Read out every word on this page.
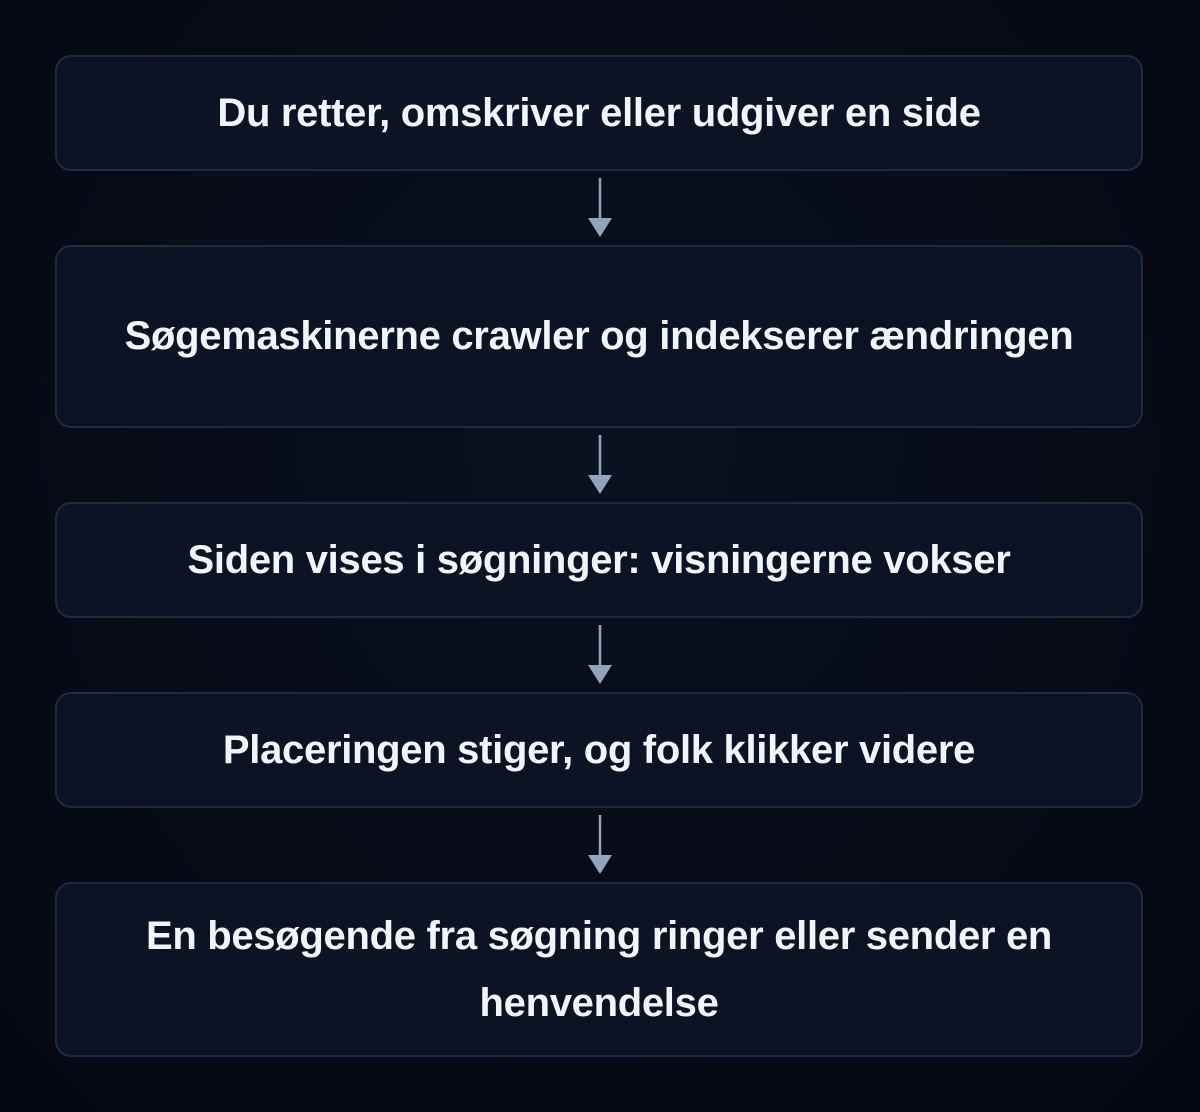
Du retter, omskriver eller udgiver en side
Søgemaskinerne crawler og indekserer ændringen
Siden vises i søgninger: visningerne vokser
Placeringen stiger, og folk klikker videre
En besøgende fra søgning ringer eller sender en henvendelse
